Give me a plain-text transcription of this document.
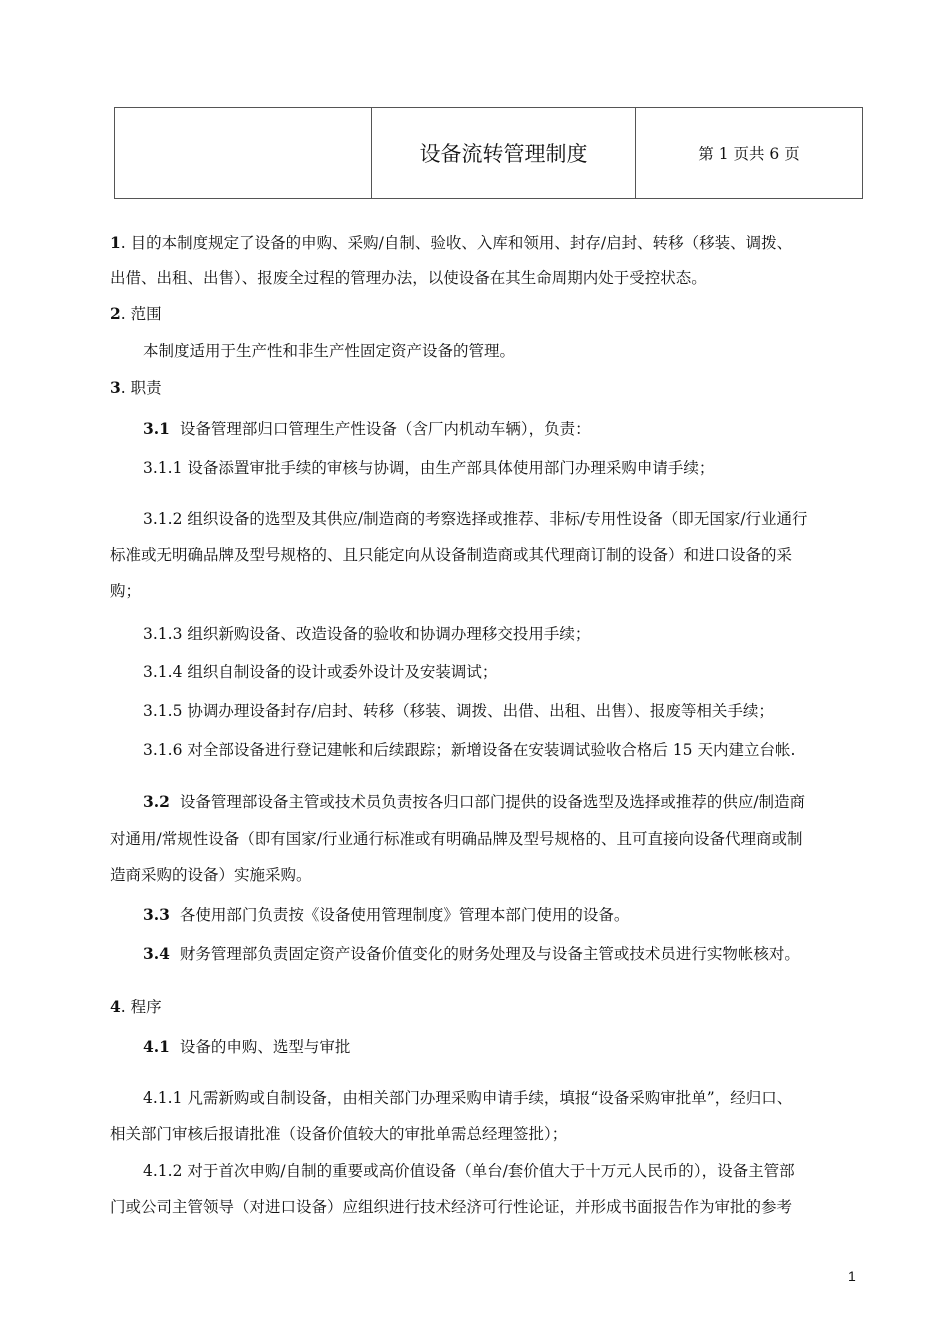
设备流转管理制度	第 1 页共 6 页
1. 目的本制度规定了设备的申购、采购/自制、验收、入库和领用、封存/启封、转移（移装、调拨、
出借、出租、出售）、报废全过程的管理办法，以使设备在其生命周期内处于受控状态。
2. 范围
本制度适用于生产性和非生产性固定资产设备的管理。
3. 职责
3.1 设备管理部归口管理生产性设备（含厂内机动车辆），负责：
3.1.1 设备添置审批手续的审核与协调，由生产部具体使用部门办理采购申请手续；
3.1.2 组织设备的选型及其供应/制造商的考察选择或推荐、非标/专用性设备（即无国家/行业通行
标准或无明确品牌及型号规格的、且只能定向从设备制造商或其代理商订制的设备）和进口设备的采
购；
3.1.3 组织新购设备、改造设备的验收和协调办理移交投用手续；
3.1.4 组织自制设备的设计或委外设计及安装调试；
3.1.5 协调办理设备封存/启封、转移（移装、调拨、出借、出租、出售）、报废等相关手续；
3.1.6 对全部设备进行登记建帐和后续跟踪；新增设备在安装调试验收合格后 15 天内建立台帐.
3.2 设备管理部设备主管或技术员负责按各归口部门提供的设备选型及选择或推荐的供应/制造商
对通用/常规性设备（即有国家/行业通行标准或有明确品牌及型号规格的、且可直接向设备代理商或制
造商采购的设备）实施采购。
3.3 各使用部门负责按《设备使用管理制度》管理本部门使用的设备。
3.4 财务管理部负责固定资产设备价值变化的财务处理及与设备主管或技术员进行实物帐核对。
4. 程序
4.1 设备的申购、选型与审批
4.1.1 凡需新购或自制设备，由相关部门办理采购申请手续，填报“设备采购审批单”，经归口、
相关部门审核后报请批准（设备价值较大的审批单需总经理签批）；
4.1.2 对于首次申购/自制的重要或高价值设备（单台/套价值大于十万元人民币的），设备主管部
门或公司主管领导（对进口设备）应组织进行技术经济可行性论证，并形成书面报告作为审批的参考
1
